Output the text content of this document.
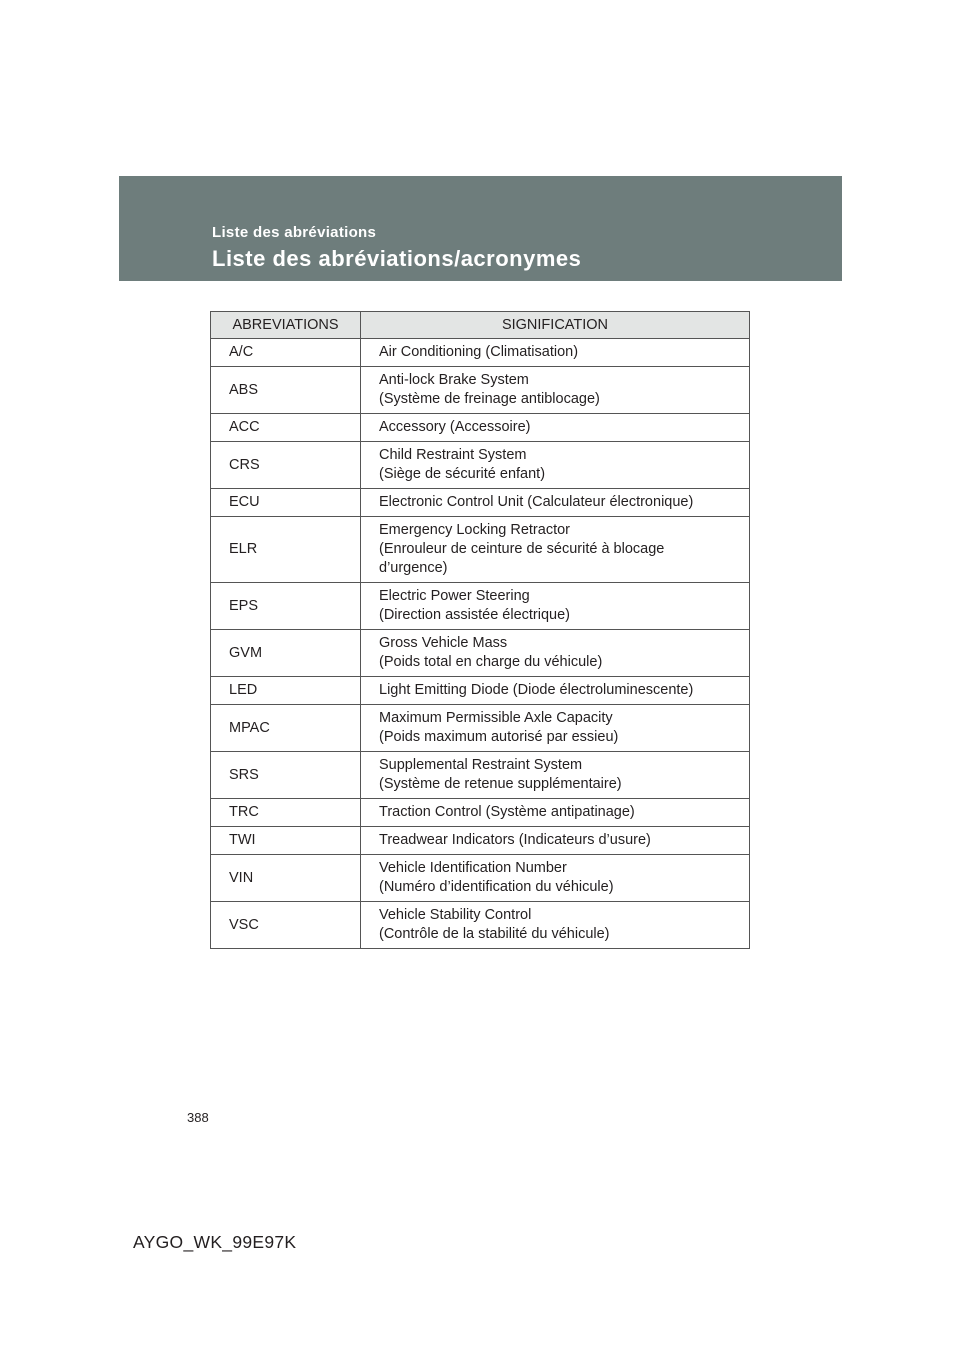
Liste des abréviations
Liste des abréviations/acronymes
ABREVIATIONS	SIGNIFICATION
A/C	Air Conditioning (Climatisation)
ABS	Anti-lock Brake System
(Système de freinage antiblocage)
ACC	Accessory (Accessoire)
CRS	Child Restraint System
(Siège de sécurité enfant)
ECU	Electronic Control Unit (Calculateur électronique)
ELR	Emergency Locking Retractor
(Enrouleur de ceinture de sécurité à blocage
d’urgence)
EPS	Electric Power Steering
(Direction assistée électrique)
GVM	Gross Vehicle Mass
(Poids total en charge du véhicule)
LED	Light Emitting Diode (Diode électroluminescente)
MPAC	Maximum Permissible Axle Capacity
(Poids maximum autorisé par essieu)
SRS	Supplemental Restraint System
(Système de retenue supplémentaire)
TRC	Traction Control (Système antipatinage)
TWI	Treadwear Indicators (Indicateurs d’usure)
VIN	Vehicle Identification Number
(Numéro d’identification du véhicule)
VSC	Vehicle Stability Control
(Contrôle de la stabilité du véhicule)
388
AYGO_WK_99E97K
